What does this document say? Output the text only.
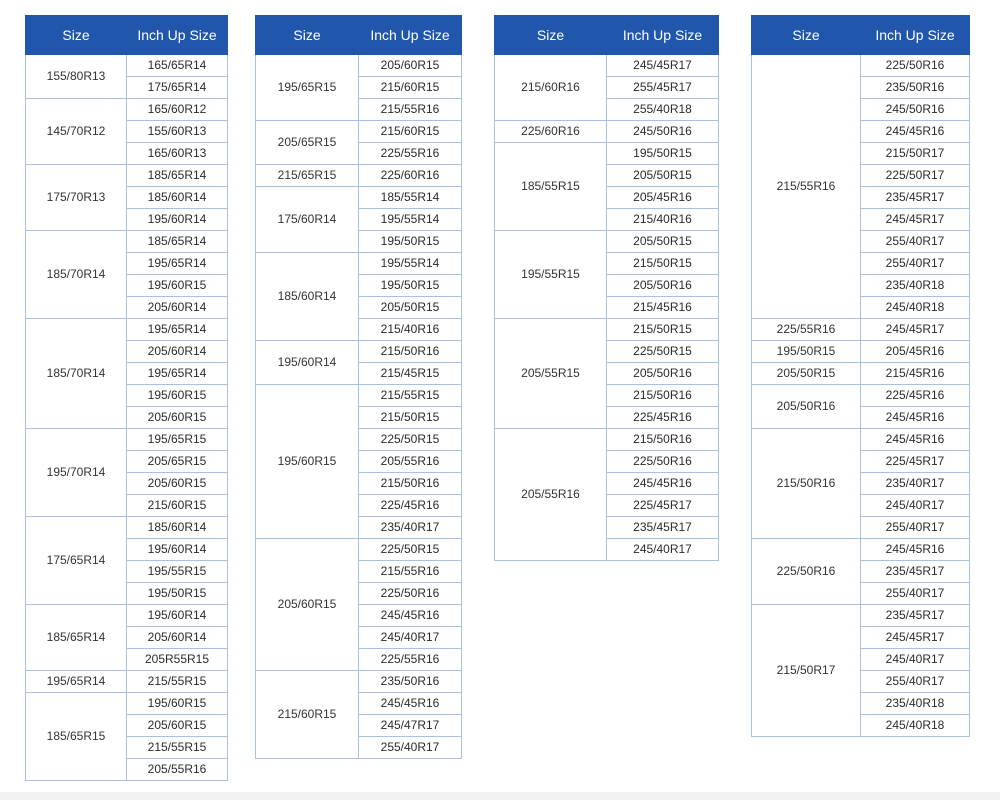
Size	Inch Up Size
155/80R13	165/65R14
	175/65R14
145/70R12	165/60R12
	155/60R13
	165/60R13
175/70R13	185/65R14
	185/60R14
	195/60R14
185/70R14	185/65R14
	195/65R14
	195/60R15
	205/60R14
185/70R14	195/65R14
	205/60R14
	195/65R14
	195/60R15
	205/60R15
195/70R14	195/65R15
	205/65R15
	205/60R15
	215/60R15
175/65R14	185/60R14
	195/60R14
	195/55R15
	195/50R15
185/65R14	195/60R14
	205/60R14
	205R55R15
195/65R14	215/55R15
185/65R15	195/60R15
	205/60R15
	215/55R15
	205/55R16
Size	Inch Up Size
195/65R15	205/60R15
	215/60R15
	215/55R16
205/65R15	215/60R15
	225/55R16
215/65R15	225/60R16
175/60R14	185/55R14
	195/55R14
	195/50R15
185/60R14	195/55R14
	195/50R15
	205/50R15
	215/40R16
195/60R14	215/50R16
	215/45R15
195/60R15	215/55R15
	215/50R15
	225/50R15
	205/55R16
	215/50R16
	225/45R16
	235/40R17
205/60R15	225/50R15
	215/55R16
	225/50R16
	245/45R16
	245/40R17
	225/55R16
215/60R15	235/50R16
	245/45R16
	245/47R17
	255/40R17
Size	Inch Up Size
215/60R16	245/45R17
	255/45R17
	255/40R18
225/60R16	245/50R16
185/55R15	195/50R15
	205/50R15
	205/45R16
	215/40R16
195/55R15	205/50R15
	215/50R15
	205/50R16
	215/45R16
205/55R15	215/50R15
	225/50R15
	205/50R16
	215/50R16
	225/45R16
205/55R16	215/50R16
	225/50R16
	245/45R16
	225/45R17
	235/45R17
	245/40R17
Size	Inch Up Size
215/55R16	225/50R16
	235/50R16
	245/50R16
	245/45R16
	215/50R17
	225/50R17
	235/45R17
	245/45R17
	255/40R17
	255/40R17
	235/40R18
	245/40R18
225/55R16	245/45R17
195/50R15	205/45R16
205/50R15	215/45R16
205/50R16	225/45R16
	245/45R16
215/50R16	245/45R16
	225/45R17
	235/40R17
	245/40R17
	255/40R17
225/50R16	245/45R16
	235/45R17
	255/40R17
215/50R17	235/45R17
	245/45R17
	245/40R17
	255/40R17
	235/40R18
	245/40R18
